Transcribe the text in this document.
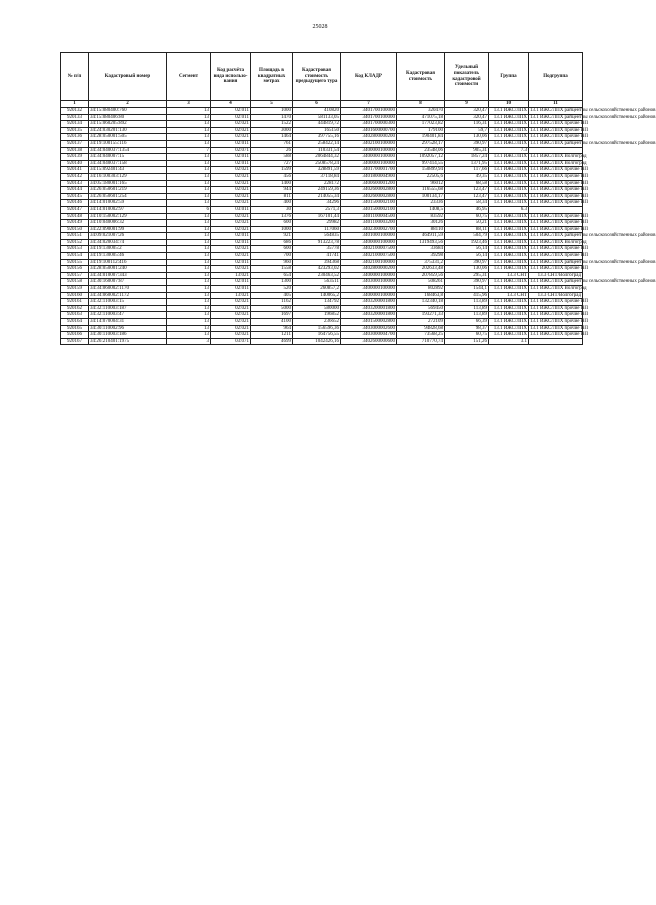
25028
№ п/п	Кадастровый номер	Сегмент	Код расчёта вида использо-вания	Площадь в квадратных метрах	Кадастровая стоимость предыдущего тура	Код КЛАДР	Кадастровая стоимость	Удельный показатель кадастровой стоимости	Группа	Подгруппа
1	2	3	4	5	6	7	8	9	10	11
920132	34:15:080400:760	13	02:011	1000	410820	3401700100000	320470	320,47	13.1 ИЖС/ЛПХ	13.1 ИЖС/ЛПХ райцентры сельскохозяйственных районов
920133	34:15:080406:80	13	02:011	1470	581133,05	3401700100000	471075,18	320,47	13.1 ИЖС/ЛПХ	13.1 ИЖС/ЛПХ райцентры сельскохозяйственных районов
920134	34:15:060205:892	13	02:021	1522	444819,72	3401700000300	177023,82	116,31	13.1 ИЖС/ЛПХ	13.1 ИЖС/ЛПХ прочие НП
920135	34:24:030201:130	13	02:021	3000	165150	3401600000700	179100	59,7	13.1 ИЖС/ЛПХ	13.1 ИЖС/ЛПХ прочие НП
920136	34:28:050001:505	13	02:021	1464	397755,16	3402800000200	190401,84	130,06	13.1 ИЖС/ЛПХ	13.1 ИЖС/ЛПХ прочие НП
920137	34:19:100155:116	13	02:011	761	258422,14	3402100100000	297528,17	390,97	13.1 ИЖС/ЛПХ	13.1 ИЖС/ЛПХ райцентры сельскохозяйственных районов
920138	34:34:040037:1354	7	02:071	26	110331,54	3400000100000	23548,06	905,31	7.3	
920139	34:34:040007:15	13	02:011	588	2064844,32	3400000100000	1092057,12	1857,24	13.1 ИЖС/ЛПХ	13.1 ИЖС/ЛПХ Волгоград
920140	34:34:040037:158	13	02:011	727	2508578,24	3400000100000	997414,55	1371,95	13.1 ИЖС/ЛПХ	13.1 ИЖС/ЛПХ Волгоград
920141	34:15:092401:43	13	02:021	1599	328891,59	3401700001700	150899,94	117,66	13.1 ИЖС/ЛПХ	13.1 ИЖС/ЛПХ прочие НП
920142	34:16:100303:129	13	02:021	456	37118,84	3401800004900	22505,6	49,35	13.1 ИЖС/ЛПХ	13.1 ИЖС/ЛПХ прочие НП
920143	34:05:180001:165	13	02:021	1400	228172	3400600001200	96012	68,58	13.1 ИЖС/ЛПХ	13.1 ИЖС/ЛПХ прочие НП
920144	34:26:050601:219	13	02:021	944	249159,36	3402600002800	116555,68	123,47	13.1 ИЖС/ЛПХ	13.1 ИЖС/ЛПХ прочие НП
920145	34:26:050601:254	13	02:021	811	214055,34	3402600002800	100134,17	123,47	13.1 ИЖС/ЛПХ	13.1 ИЖС/ЛПХ прочие НП
920146	34:14:010002:59	13	02:021	400	34296	3401500002100	23336	58,34	13.1 ИЖС/ЛПХ	13.1 ИЖС/ЛПХ прочие НП
920147	34:14:010002:97	6	03:011	30	2571,3	3401500002100	1408,5	46,95	6.3	
920148	34:10:150002:129	13	02:021	1376	167101,44	3401100004500	83592	60,75	13.1 ИЖС/ЛПХ	13.1 ИЖС/ЛПХ прочие НП
920149	34:10:040006:32	13	02:021	600	29982	3401100003200	30126	50,21	13.1 ИЖС/ЛПХ	13.1 ИЖС/ЛПХ прочие НП
920150	34:22:090001:99	13	02:021	1000	117060	3402300002700	88110	88,11	13.1 ИЖС/ЛПХ	13.1 ИЖС/ЛПХ прочие НП
920151	34:09:021007:26	13	02:011	921	564835	3401000100000	464911,59	504,79	13.1 ИЖС/ЛПХ	13.1 ИЖС/ЛПХ райцентры сельскохозяйственных районов
920152	34:34:020034:74	13	02:011	686	913223,78	3400000100000	1319493,56	1923,46	13.1 ИЖС/ЛПХ	13.1 ИЖС/ЛПХ Волгоград
920153	34:19:130005:2	13	02:021	600	35778	3402100007500	33684	56,14	13.1 ИЖС/ЛПХ	13.1 ИЖС/ЛПХ прочие НП
920154	34:19:130005:46	13	02:021	700	41741	3402100007500	39298	56,14	13.1 ИЖС/ЛПХ	13.1 ИЖС/ЛПХ прочие НП
920155	34:19:100112:416	13	02:011	960	394368	3402100100000	375331,2	390,97	13.1 ИЖС/ЛПХ	13.1 ИЖС/ЛПХ райцентры сельскохозяйственных районов
920156	34:28:050001:240	13	02:021	1558	423293,02	3402800000200	202633,48	130,06	13.1 ИЖС/ЛПХ	13.1 ИЖС/ЛПХ прочие НП
920157	34:34:010007:343	13	13:021	654	230463,52	3400000100000	207859,56	295,31	13.3 СНТ	13.3 СНТ/Волгоград
920158	34:30:160007:87	13	02:011	1300	563511	3403000100000	508261	390,97	13.1 ИЖС/ЛПХ	13.1 ИЖС/ЛПХ райцентры сельскохозяйственных районов
920159	34:34:060002:1170	13	02:011	520	260857,2	3400000100000	802892	1544,1	13.1 ИЖС/ЛПХ	13.1 ИЖС/ЛПХ Волгоград
920160	34:34:060002:1172	13	13:021	405	140065,2	3400000100000	168463,8	415,96	13.3 СНТ	13.3 СНТ/Волгоград
920161	34:32:110003:15	13	02:021	1162	134792	3403200001800	132340,18	113,89	13.1 ИЖС/ЛПХ	13.1 ИЖС/ЛПХ прочие НП
920162	34:32:110003:187	13	02:021	5000	580000	3403200001800	569450	113,89	13.1 ИЖС/ЛПХ	13.1 ИЖС/ЛПХ прочие НП
920163	34:32:110003:47	13	02:021	1697	196852	3403200001800	193271,33	113,89	13.1 ИЖС/ЛПХ	13.1 ИЖС/ЛПХ прочие НП
920164	34:14:070004:31	13	02:021	4100	236652	3401500002800	272109	66,39	13.1 ИЖС/ЛПХ	13.1 ИЖС/ЛПХ прочие НП
920165	34:30:110002:96	13	02:021	964	156596,36	3403000002600	94828,68	98,37	13.1 ИЖС/ЛПХ	13.1 ИЖС/ЛПХ прочие НП
920166	34:30:110003:186	13	02:021	1211	164756,55	3403000004700	73568,25	60,75	13.1 ИЖС/ЛПХ	13.1 ИЖС/ЛПХ прочие НП
920167	34:26:210401:1975	3	03:071	4699	1042426,16	3402600000600	710770,74	151,26	3.1	
